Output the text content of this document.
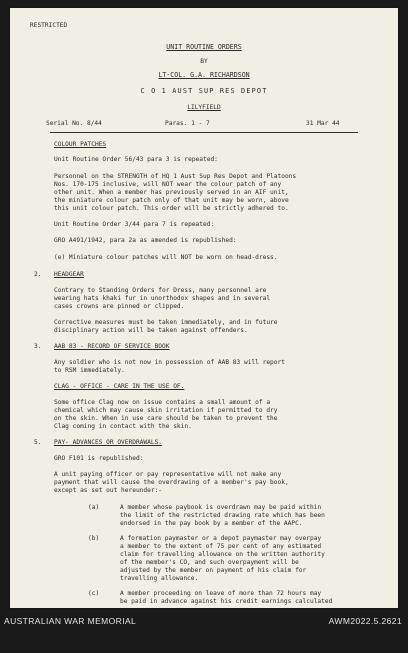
RESTRICTED
UNIT ROUTINE ORDERS
BY
LT-COL. G.A. RICHARDSON
C O 1 AUST SUP RES DEPOT
LILYFIELD
Serial No. 8/44	Paras. 1 - 7	31 Mar 44
COLOUR PATCHES
Unit Routine Order 56/43 para 3 is repeated:
Personnel on the STRENGTH of HQ 1 Aust Sup Res Depot and Platoons
Nos. 170-175 inclusive, will NOT wear the colour patch of any
other unit. When a member has previously served in an AIF unit,
the miniature colour patch only of that unit may be worn, above
this unit colour patch. This order will be strictly adhered to.
Unit Routine Order 3/44 para 7 is repeated:
GRO A491/1942, para 2a as amended is republished:
(e) Miniature colour patches will NOT be worn on head-dress.
2. HEADGEAR
Contrary to Standing Orders for Dress, many personnel are
wearing hats khaki fur in unorthodox shapes and in several
cases crowns are pinned or clipped.
Corrective measures must be taken immediately, and in future
disciplinary action will be taken against offenders.
3. AAB 83 - RECORD OF SERVICE BOOK
Any soldier who is not now in possession of AAB 83 will report
to RSM immediately.
CLAG - OFFICE - CARE IN THE USE OF.
Some office Clag now on issue contains a small amount of a
chemical which may cause skin irritation if permitted to dry
on the skin. When in use care should be taken to prevent the
Clag coming in contact with the skin.
5. PAY- ADVANCES OR OVERDRAWALS.
GRO F101 is republished:
A unit paying officer or pay representative will not make any
payment that will cause the overdrawing of a member's pay book,
except as set out hereunder:-
(a)	A member whose paybook is overdrawn may be paid within
the limit of the restricted drawing rate which has been
endorsed in the pay book by a member of the AAPC.
(b)	A formation paymaster or a depot paymaster may overpay
a member to the extent of 75 per cent of any estimated
claim for travelling allowance on the written authority
of the member's CO, and such overpayment will be
adjusted by the member on payment of his claim for
travelling allowance.
(c)	A member proceeding on leave of more than 72 hours may
be paid in advance against his credit earnings calculated
AUSTRALIAN WAR MEMORIAL	AWM2022.5.2621
